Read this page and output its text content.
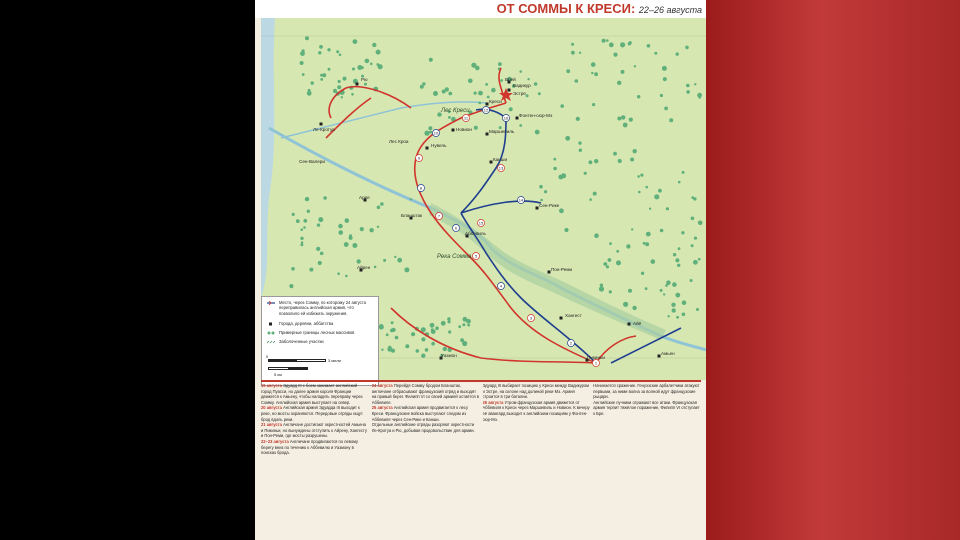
ОТ СОММЫ К КРЕСИ: 22–26 августа
1
2
3
4
5
6
7
8
9
10
11
12
13
14
15
16
Вадикур
Эстре
Креси
Фонтен-сюр-Мэ
Лес Креси
Новион
Ле-Кротуа
Рю
Лес Кроа
Сен-Валери
Нувель
Маршевиль
Канши
Сен-Рике
Арре
Бланштак
Аббевиль
Пон-Реми
Айрен
Хангест
Айё
Пикиньи
Амьен
Река Сомма
Уазмон
Брей
Место, через Сомму, по которому 24 августа переправилась английская армия, что позволило ей избежать окружения.
Города, деревни, аббатства
Примерные границы лесных массивов
Заболоченные участки
0
3 мили
5 км

19 августа Эдуард III с боем занимает английский город Пуасси, но далее армия короля Франции движется к Амьену, чтобы наладить переправу через Сомму. Английская армия выступает на север.

20 августа Английская армия Эдуарда III выходит к реке, но мосты охраняются. Передовые отряды ищут брод вдоль реки.

21 августа Англичане достигают окрестностей Амьена и Пикиньи, но вынуждены отступить к Айрену, Хангесту и Пон-Реми, где мосты разрушены.

22–23 августа Англичане продвигаются по левому берегу вниз по течению к Аббевилю и Уазмону в поисках брода.

24 августа Перейдя Сомму бродом Бланштак, англичане отбрасывают французский отряд и выходят на правый берег. Филипп VI со своей армией остаётся в Аббевиле.

25 августа Английская армия продвигается к лесу Креси. Французские войска выступают следом из Аббевиля через Сен-Рике и Канши.

Отдельные английские отряды разоряют окрестности Ле-Кротуа и Рю, добывая продовольствие для армии.

Эдуард III выбирает позицию у Креси между Вадикуром и Эстре, на склоне над долиной реки Мэ. Армия строится в три баталии.

26 августа Утром французская армия движется от Аббевиля к Креси через Маршевиль и Новион. К вечеру её авангард выходит к английским позициям у Фонтен-сюр-Мэ.

Начинается сражение. Генуэзские арбалетчики атакуют первыми, за ними волна за волной идут французские рыцари.

Английские лучники отражают все атаки. Французская армия терпит тяжёлое поражение, Филипп VI отступает к Бре.
